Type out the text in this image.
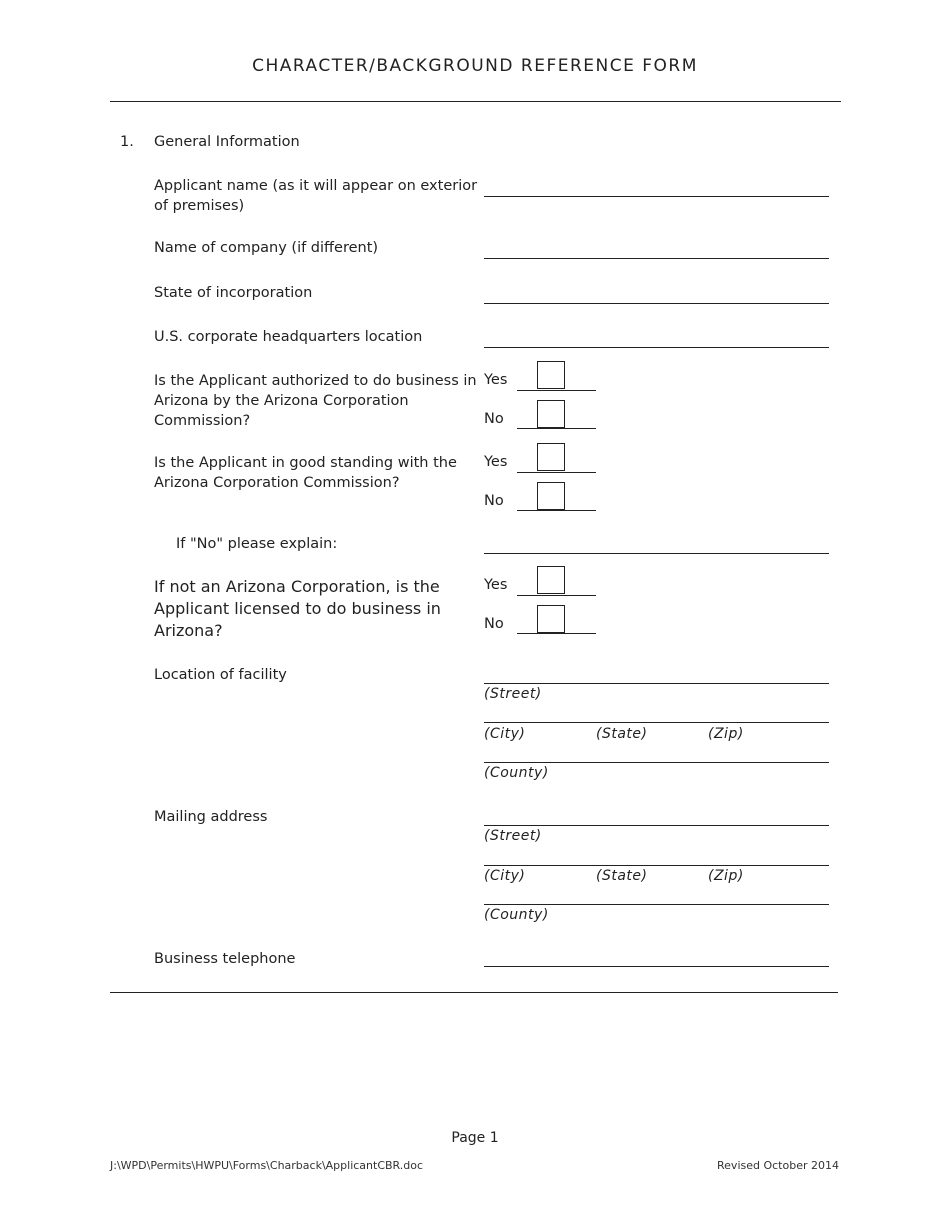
CHARACTER/BACKGROUND REFERENCE FORM
1. General Information
Applicant name (as it will appear on exterior
of premises)
Name of company (if different)
State of incorporation
U.S. corporate headquarters location
Is the Applicant authorized to do business in
Arizona by the Arizona Corporation
Commission?
Yes
No
Is the Applicant in good standing with the
Arizona Corporation Commission?
Yes
No
If "No" please explain:
If not an Arizona Corporation, is the
Applicant licensed to do business in
Arizona?
Yes
No
Location of facility
(Street)
(City)	(State)	(Zip)
(County)
Mailing address
(Street)
(City)	(State)	(Zip)
(County)
Business telephone
Page 1
J:\WPD\Permits\HWPU\Forms\Charback\ApplicantCBR.doc	Revised October 2014
